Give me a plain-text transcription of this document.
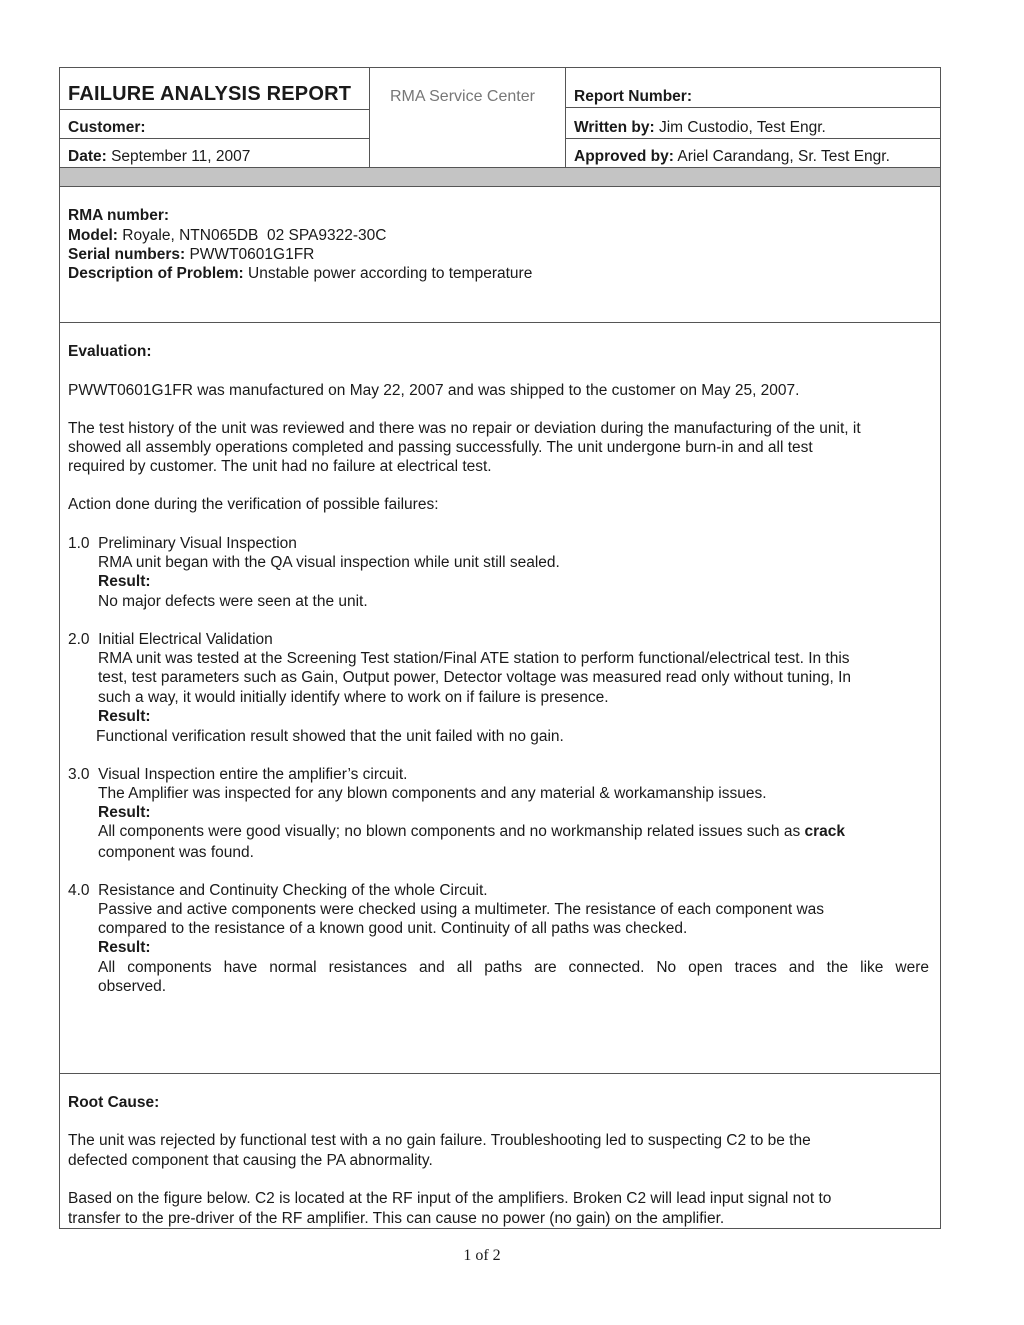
FAILURE ANALYSIS REPORT RMA Service Center
Customer:
Date: September 11, 2007
Report Number:
Written by: Jim Custodio, Test Engr.
Approved by: Ariel Carandang, Sr. Test Engr.
RMA number:
Model: Royale, NTN065DB  02 SPA9322-30C
Serial numbers: PWWT0601G1FR
Description of Problem: Unstable power according to temperature
Evaluation:
PWWT0601G1FR was manufactured on May 22, 2007 and was shipped to the customer on May 25, 2007.
The test history of the unit was reviewed and there was no repair or deviation during the manufacturing of the unit, it
showed all assembly operations completed and passing successfully. The unit undergone burn-in and all test
required by customer. The unit had no failure at electrical test.
Action done during the verification of possible failures:
1.0  Preliminary Visual Inspection
RMA unit began with the QA visual inspection while unit still sealed.
Result:
No major defects were seen at the unit.
2.0  Initial Electrical Validation
RMA unit was tested at the Screening Test station/Final ATE station to perform functional/electrical test. In this
test, test parameters such as Gain, Output power, Detector voltage was measured read only without tuning, In
such a way, it would initially identify where to work on if failure is presence.
Result:
Functional verification result showed that the unit failed with no gain.
3.0  Visual Inspection entire the amplifier’s circuit.
The Amplifier was inspected for any blown components and any material & workamanship issues.
Result:
All components were good visually; no blown components and no workmanship related issues such as crack
component was found.
4.0  Resistance and Continuity Checking of the whole Circuit.
Passive and active components were checked using a multimeter. The resistance of each component was
compared to the resistance of a known good unit. Continuity of all paths was checked.
Result:
All components have normal resistances and all paths are connected. No open traces and the like were
observed.
Root Cause:
The unit was rejected by functional test with a no gain failure. Troubleshooting led to suspecting C2 to be the
defected component that causing the PA abnormality.
Based on the figure below. C2 is located at the RF input of the amplifiers. Broken C2 will lead input signal not to
transfer to the pre-driver of the RF amplifier. This can cause no power (no gain) on the amplifier.
1 of 2
